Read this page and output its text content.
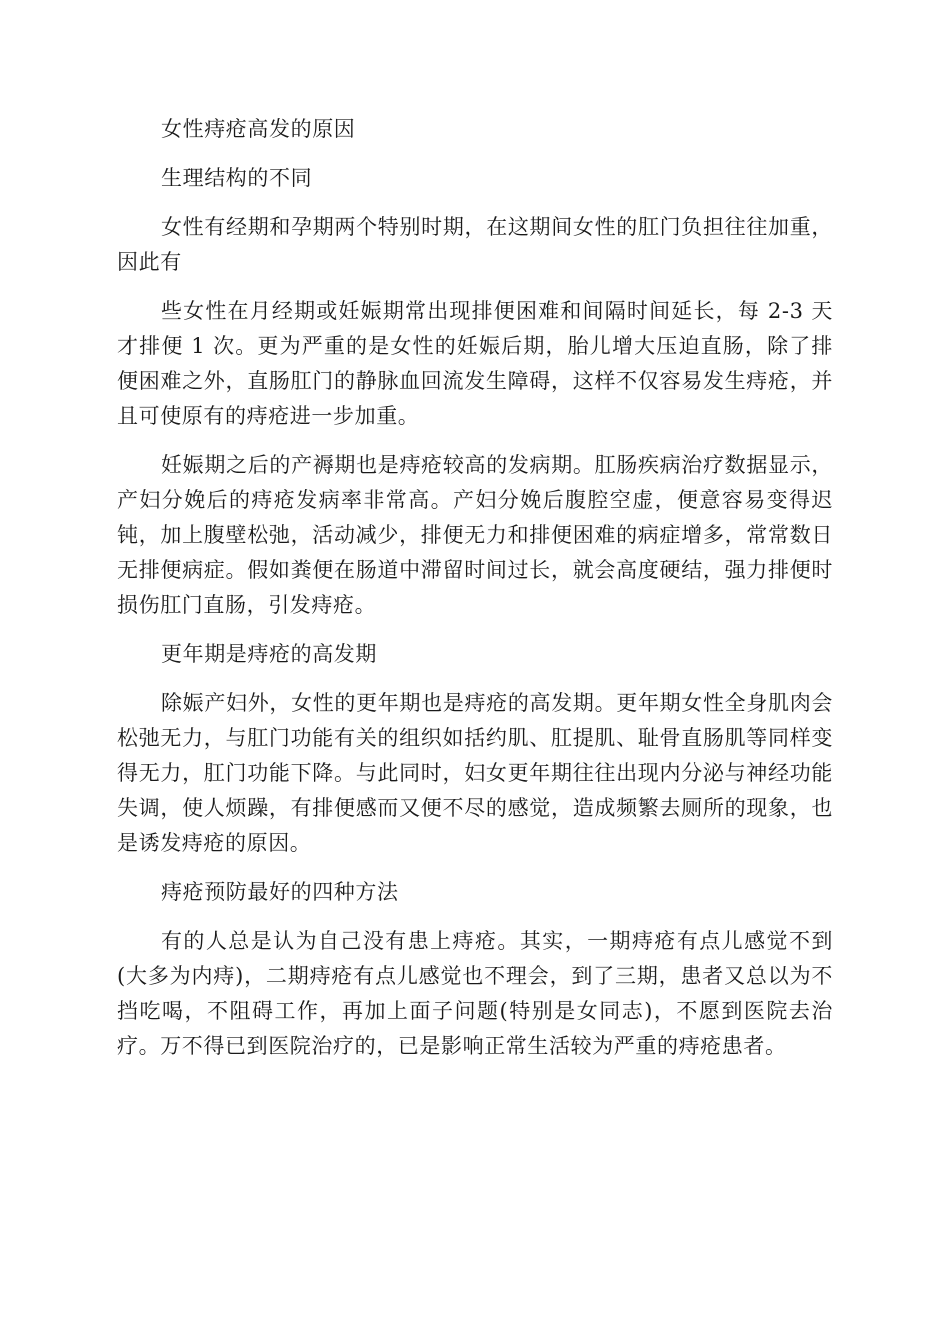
女性痔疮高发的原因

生理结构的不同

女性有经期和孕期两个特别时期，在这期间女性的肛门负担往往加重，因此有

些女性在月经期或妊娠期常出现排便困难和间隔时间延长，每 2-3 天才排便 1 次。更为严重的是女性的妊娠后期，胎儿增大压迫直肠，除了排便困难之外，直肠肛门的静脉血回流发生障碍，这样不仅容易发生痔疮，并且可使原有的痔疮进一步加重。

妊娠期之后的产褥期也是痔疮较高的发病期。肛肠疾病治疗数据显示，产妇分娩后的痔疮发病率非常高。产妇分娩后腹腔空虚，便意容易变得迟钝，加上腹壁松弛，活动减少，排便无力和排便困难的病症增多，常常数日无排便病症。假如粪便在肠道中滞留时间过长，就会高度硬结，强力排便时损伤肛门直肠，引发痔疮。

更年期是痔疮的高发期

除娠产妇外，女性的更年期也是痔疮的高发期。更年期女性全身肌肉会松弛无力，与肛门功能有关的组织如括约肌、肛提肌、耻骨直肠肌等同样变得无力，肛门功能下降。与此同时，妇女更年期往往出现内分泌与神经功能失调，使人烦躁，有排便感而又便不尽的感觉，造成频繁去厕所的现象，也是诱发痔疮的原因。

痔疮预防最好的四种方法

有的人总是认为自己没有患上痔疮。其实，一期痔疮有点儿感觉不到(大多为内痔)，二期痔疮有点儿感觉也不理会，到了三期，患者又总以为不挡吃喝，不阻碍工作，再加上面子问题(特别是女同志)，不愿到医院去治疗。万不得已到医院治疗的，已是影响正常生活较为严重的痔疮患者。
